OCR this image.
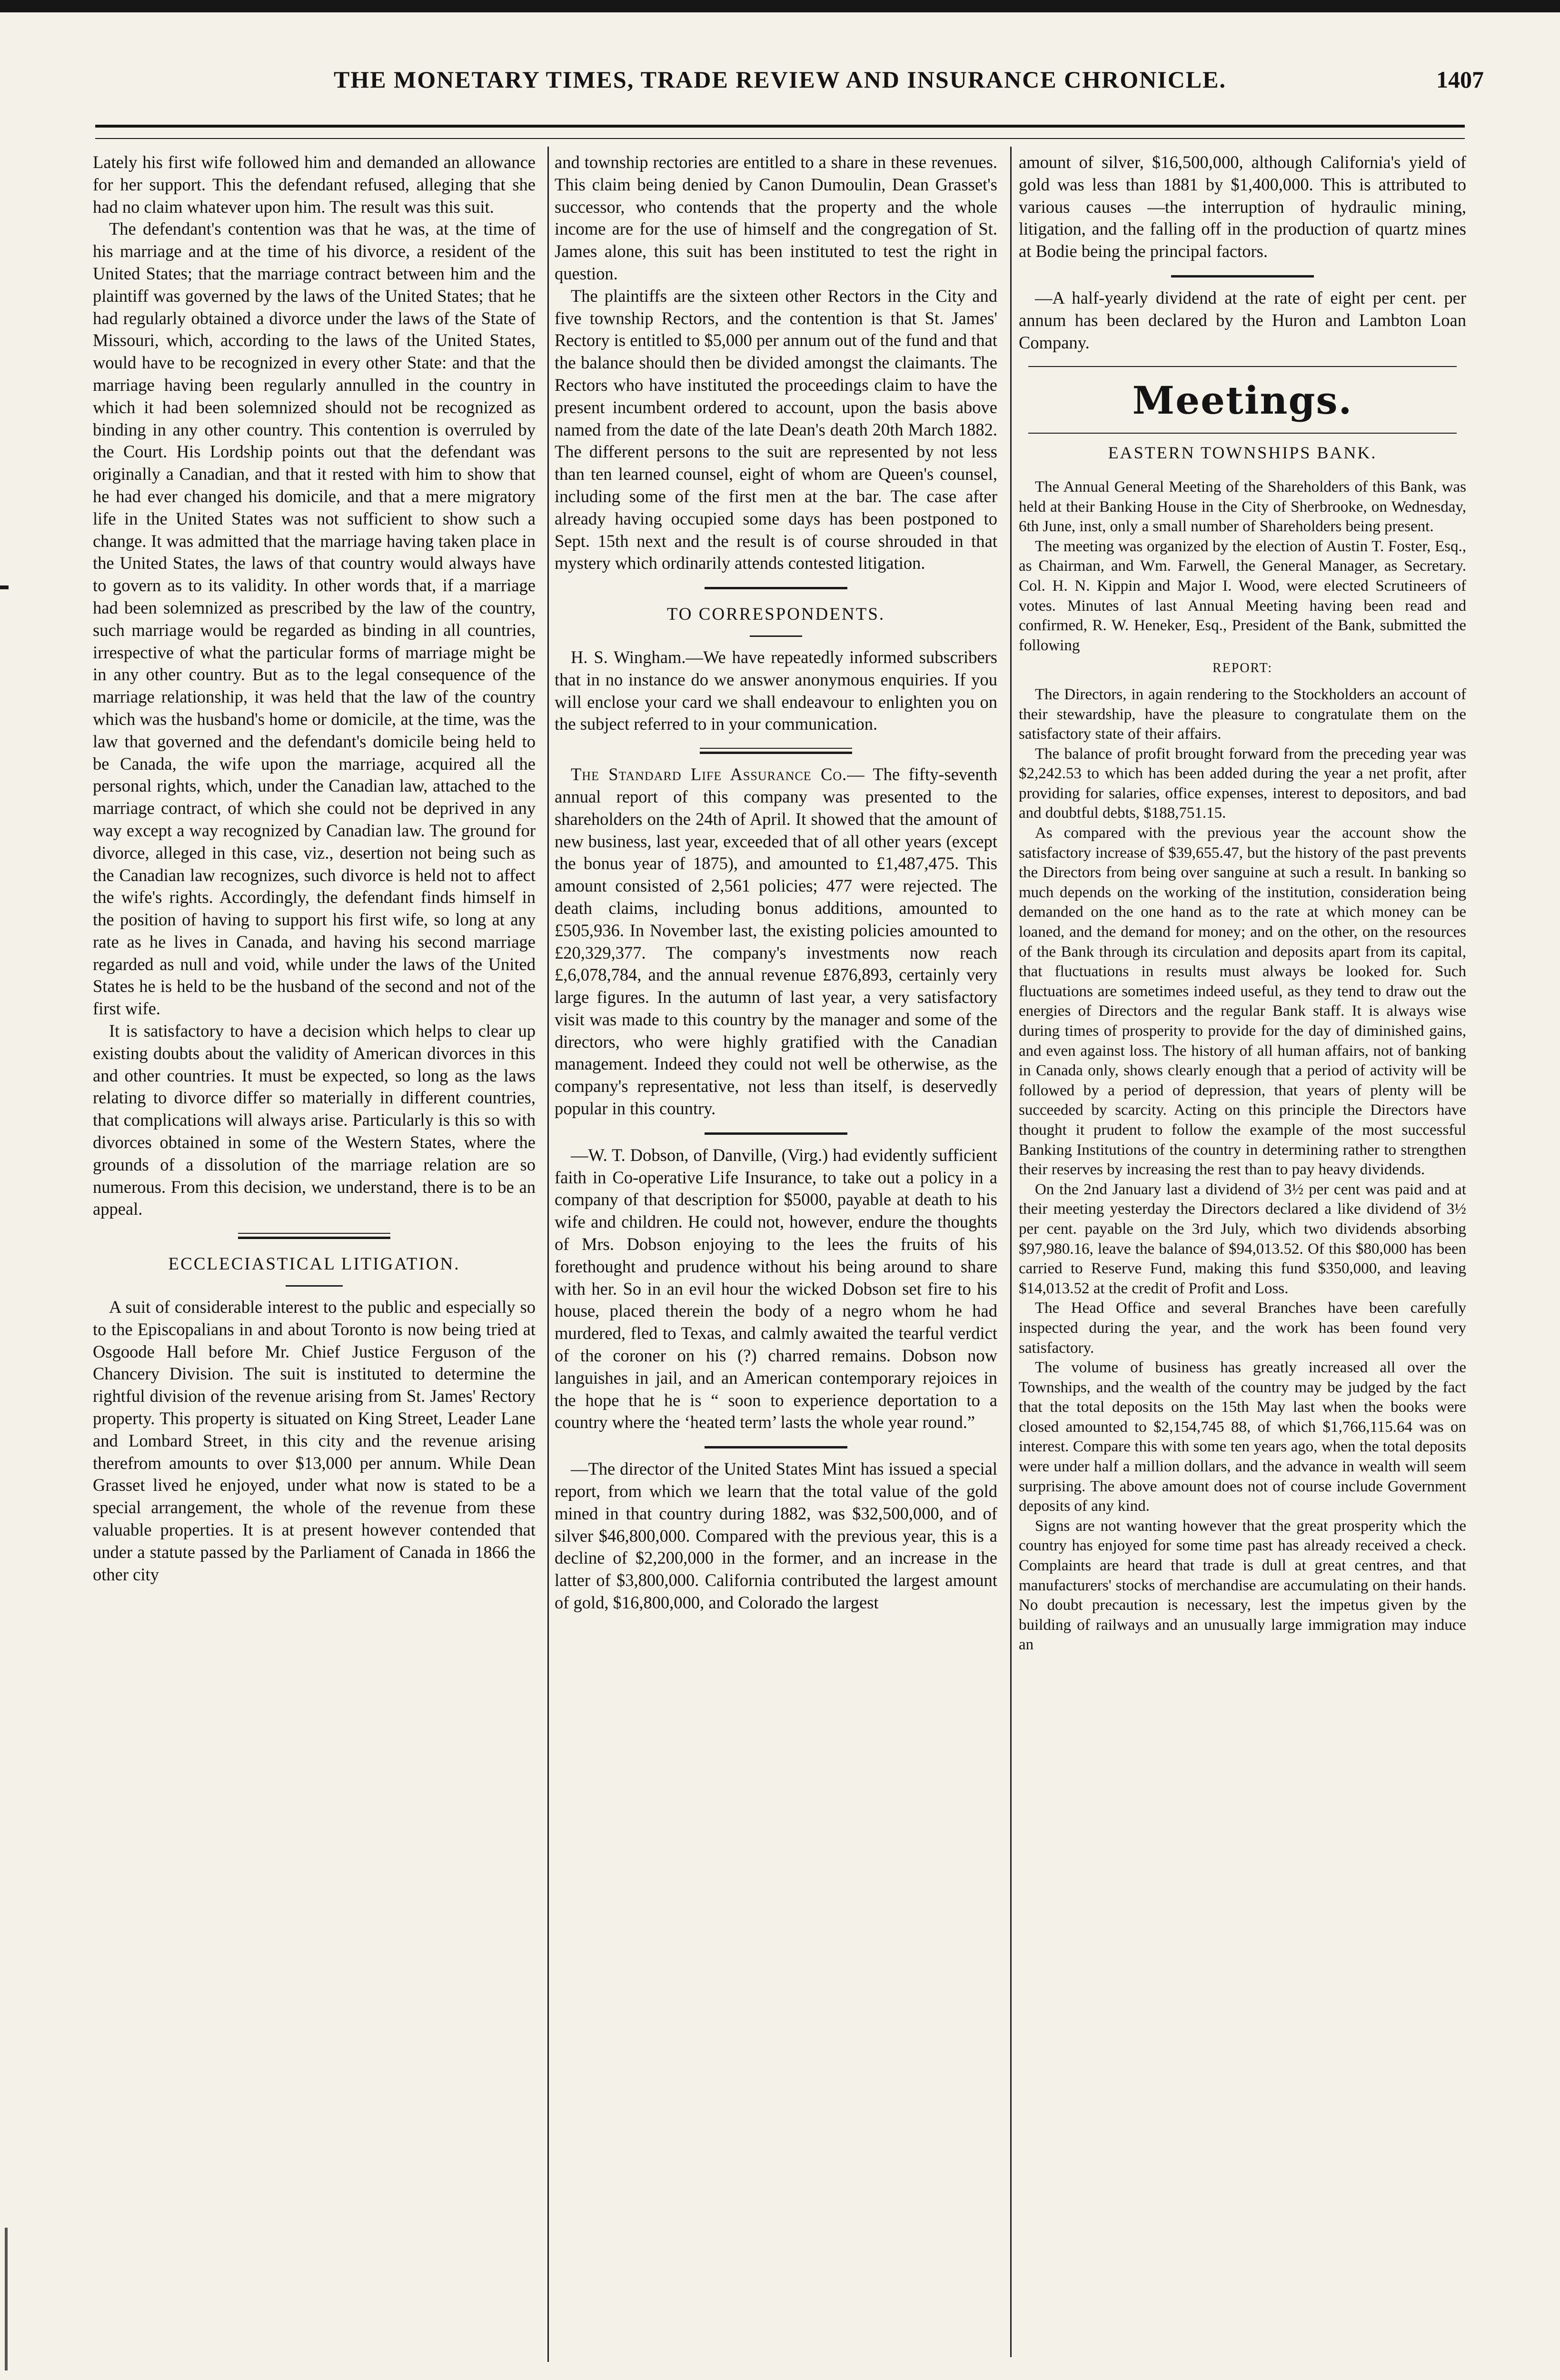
THE MONETARY TIMES, TRADE REVIEW AND INSURANCE CHRONICLE.	1407

Lately his first wife followed him and demanded an allowance for her support. This the defendant refused, alleging that she had no claim whatever upon him. The result was this suit.

The defendant's contention was that he was, at the time of his marriage and at the time of his divorce, a resident of the United States; that the marriage contract between him and the plaintiff was governed by the laws of the United States; that he had regularly obtained a divorce under the laws of the State of Missouri, which, according to the laws of the United States, would have to be recognized in every other State: and that the marriage having been regularly annulled in the country in which it had been solemnized should not be recognized as binding in any other country. This contention is overruled by the Court. His Lordship points out that the defendant was originally a Canadian, and that it rested with him to show that he had ever changed his domicile, and that a mere migratory life in the United States was not sufficient to show such a change. It was admitted that the marriage having taken place in the United States, the laws of that country would always have to govern as to its validity. In other words that, if a marriage had been solemnized as prescribed by the law of the country, such marriage would be regarded as binding in all countries, irrespective of what the particular forms of marriage might be in any other country. But as to the legal consequence of the marriage relationship, it was held that the law of the country which was the husband's home or domicile, at the time, was the law that governed and the defendant's domicile being held to be Canada, the wife upon the marriage, acquired all the personal rights, which, under the Canadian law, attached to the marriage contract, of which she could not be deprived in any way except a way recognized by Canadian law. The ground for divorce, alleged in this case, viz., desertion not being such as the Canadian law recognizes, such divorce is held not to affect the wife's rights. Accordingly, the defendant finds himself in the position of having to support his first wife, so long at any rate as he lives in Canada, and having his second marriage regarded as null and void, while under the laws of the United States he is held to be the husband of the second and not of the first wife.

It is satisfactory to have a decision which helps to clear up existing doubts about the validity of American divorces in this and other countries. It must be expected, so long as the laws relating to divorce differ so materially in different countries, that complications will always arise. Particularly is this so with divorces obtained in some of the Western States, where the grounds of a dissolution of the marriage relation are so numerous. From this decision, we understand, there is to be an appeal.

ECCLECIASTICAL LITIGATION.

A suit of considerable interest to the public and especially so to the Episcopalians in and about Toronto is now being tried at Osgoode Hall before Mr. Chief Justice Ferguson of the Chancery Division. The suit is instituted to determine the rightful division of the revenue arising from St. James' Rectory property. This property is situated on King Street, Leader Lane and Lombard Street, in this city and the revenue arising therefrom amounts to over $13,000 per annum. While Dean Grasset lived he enjoyed, under what now is stated to be a special arrangement, the whole of the revenue from these valuable properties. It is at present however contended that under a statute passed by the Parliament of Canada in 1866 the other city

and township rectories are entitled to a share in these revenues. This claim being denied by Canon Dumoulin, Dean Grasset's successor, who contends that the property and the whole income are for the use of himself and the congregation of St. James alone, this suit has been instituted to test the right in question.

The plaintiffs are the sixteen other Rectors in the City and five township Rectors, and the contention is that St. James' Rectory is entitled to $5,000 per annum out of the fund and that the balance should then be divided amongst the claimants. The Rectors who have instituted the proceedings claim to have the present incumbent ordered to account, upon the basis above named from the date of the late Dean's death 20th March 1882. The different persons to the suit are represented by not less than ten learned counsel, eight of whom are Queen's counsel, including some of the first men at the bar. The case after already having occupied some days has been postponed to Sept. 15th next and the result is of course shrouded in that mystery which ordinarily attends contested litigation.

TO CORRESPONDENTS.

H. S. Wingham.—We have repeatedly informed subscribers that in no instance do we answer anonymous enquiries. If you will enclose your card we shall endeavour to enlighten you on the subject referred to in your communication.

The Standard Life Assurance Co.— The fifty-seventh annual report of this company was presented to the shareholders on the 24th of April. It showed that the amount of new business, last year, exceeded that of all other years (except the bonus year of 1875), and amounted to £1,487,475. This amount consisted of 2,561 policies; 477 were rejected. The death claims, including bonus additions, amounted to £505,936. In November last, the existing policies amounted to £20,329,377. The company's investments now reach £,6,078,784, and the annual revenue £876,893, certainly very large figures. In the autumn of last year, a very satisfactory visit was made to this country by the manager and some of the directors, who were highly gratified with the Canadian management. Indeed they could not well be otherwise, as the company's representative, not less than itself, is deservedly popular in this country.

—W. T. Dobson, of Danville, (Virg.) had evidently sufficient faith in Co-operative Life Insurance, to take out a policy in a company of that description for $5000, payable at death to his wife and children. He could not, however, endure the thoughts of Mrs. Dobson enjoying to the lees the fruits of his forethought and prudence without his being around to share with her. So in an evil hour the wicked Dobson set fire to his house, placed therein the body of a negro whom he had murdered, fled to Texas, and calmly awaited the tearful verdict of the coroner on his (?) charred remains. Dobson now languishes in jail, and an American contemporary rejoices in the hope that he is “ soon to experience deportation to a country where the ‘heated term’ lasts the whole year round.”

—The director of the United States Mint has issued a special report, from which we learn that the total value of the gold mined in that country during 1882, was $32,500,000, and of silver $46,800,000. Compared with the previous year, this is a decline of $2,200,000 in the former, and an increase in the latter of $3,800,000. California contributed the largest amount of gold, $16,800,000, and Colorado the largest

amount of silver, $16,500,000, although California's yield of gold was less than 1881 by $1,400,000. This is attributed to various causes —the interruption of hydraulic mining, litigation, and the falling off in the production of quartz mines at Bodie being the principal factors.

—A half-yearly dividend at the rate of eight per cent. per annum has been declared by the Huron and Lambton Loan Company.

Meetings.
EASTERN TOWNSHIPS BANK.

The Annual General Meeting of the Shareholders of this Bank, was held at their Banking House in the City of Sherbrooke, on Wednesday, 6th June, inst, only a small number of Shareholders being present.

The meeting was organized by the election of Austin T. Foster, Esq., as Chairman, and Wm. Farwell, the General Manager, as Secretary. Col. H. N. Kippin and Major I. Wood, were elected Scrutineers of votes. Minutes of last Annual Meeting having been read and confirmed, R. W. Heneker, Esq., President of the Bank, submitted the following

REPORT:

The Directors, in again rendering to the Stockholders an account of their stewardship, have the pleasure to congratulate them on the satisfactory state of their affairs.

The balance of profit brought forward from the preceding year was $2,242.53 to which has been added during the year a net profit, after providing for salaries, office expenses, interest to depositors, and bad and doubtful debts, $188,751.15.

As compared with the previous year the account show the satisfactory increase of $39,655.47, but the history of the past prevents the Directors from being over sanguine at such a result. In banking so much depends on the working of the institution, consideration being demanded on the one hand as to the rate at which money can be loaned, and the demand for money; and on the other, on the resources of the Bank through its circulation and deposits apart from its capital, that fluctuations in results must always be looked for. Such fluctuations are sometimes indeed useful, as they tend to draw out the energies of Directors and the regular Bank staff. It is always wise during times of prosperity to provide for the day of diminished gains, and even against loss. The history of all human affairs, not of banking in Canada only, shows clearly enough that a period of activity will be followed by a period of depression, that years of plenty will be succeeded by scarcity. Acting on this principle the Directors have thought it prudent to follow the example of the most successful Banking Institutions of the country in determining rather to strengthen their reserves by increasing the rest than to pay heavy dividends.

On the 2nd January last a dividend of 3½ per cent was paid and at their meeting yesterday the Directors declared a like dividend of 3½ per cent. payable on the 3rd July, which two dividends absorbing $97,980.16, leave the balance of $94,013.52. Of this $80,000 has been carried to Reserve Fund, making this fund $350,000, and leaving $14,013.52 at the credit of Profit and Loss.

The Head Office and several Branches have been carefully inspected during the year, and the work has been found very satisfactory.

The volume of business has greatly increased all over the Townships, and the wealth of the country may be judged by the fact that the total deposits on the 15th May last when the books were closed amounted to $2,154,745 88, of which $1,766,115.64 was on interest. Compare this with some ten years ago, when the total deposits were under half a million dollars, and the advance in wealth will seem surprising. The above amount does not of course include Government deposits of any kind.

Signs are not wanting however that the great prosperity which the country has enjoyed for some time past has already received a check. Complaints are heard that trade is dull at great centres, and that manufacturers' stocks of merchandise are accumulating on their hands. No doubt precaution is necessary, lest the impetus given by the building of railways and an unusually large immigration may induce an
